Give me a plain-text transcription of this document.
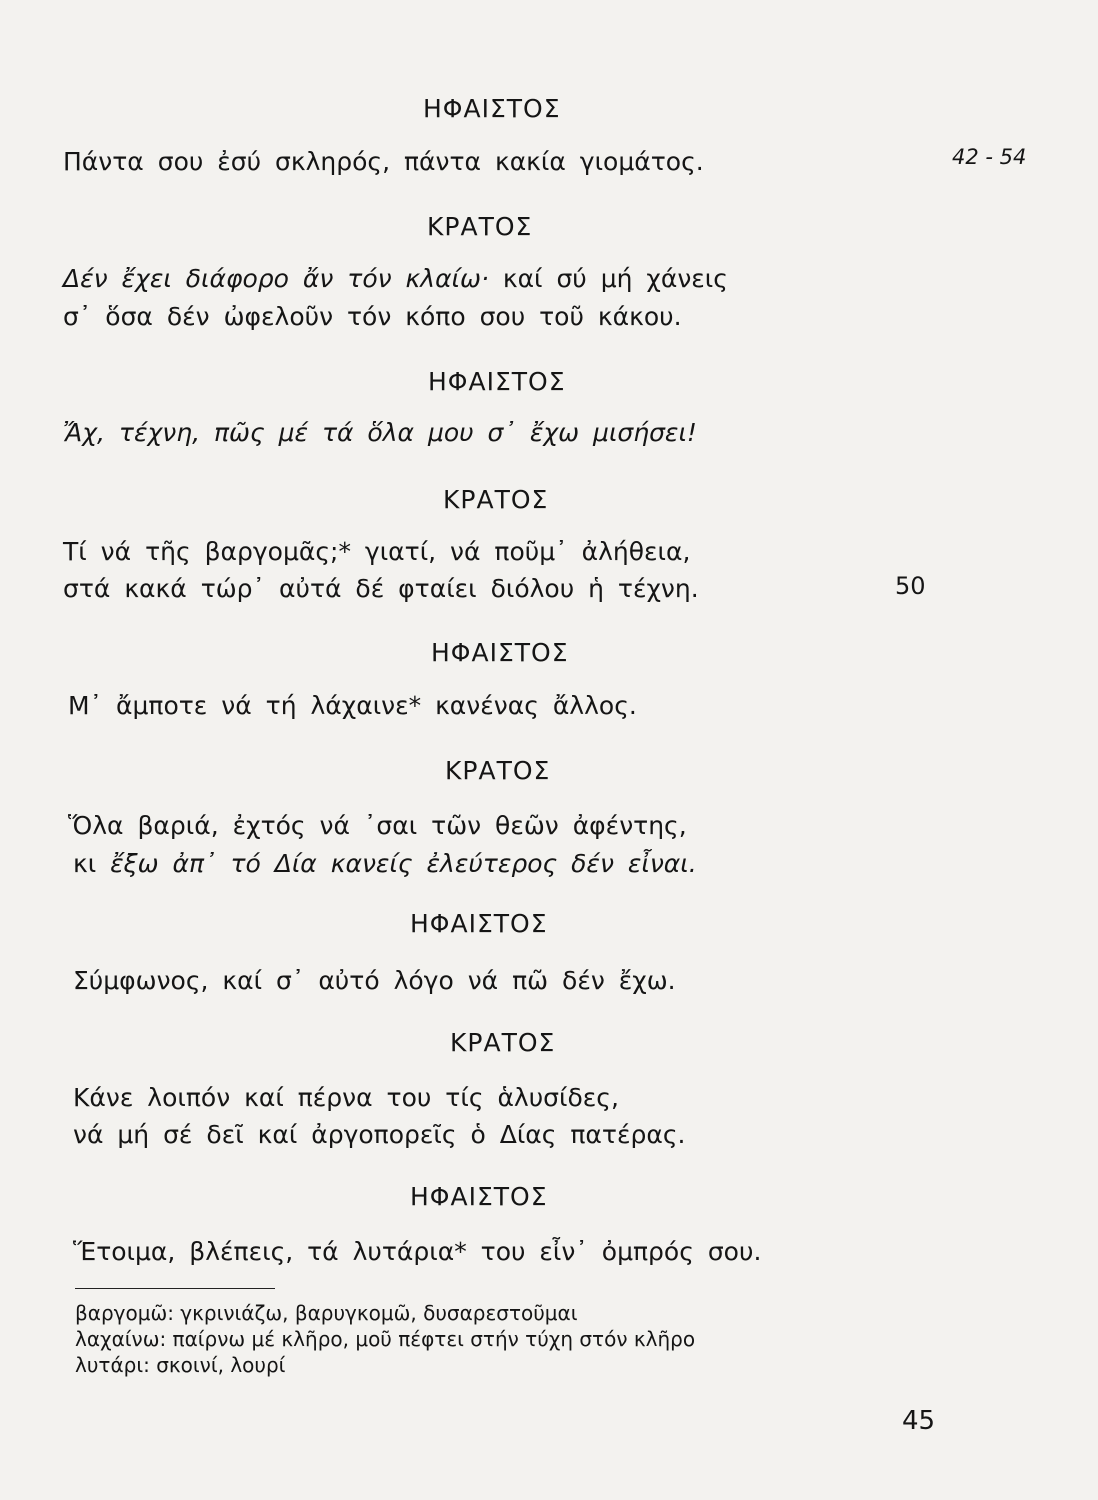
ΗΦΑΙΣΤΟΣ
Πάντα σου ἐσύ σκληρός, πάντα κακία γιομάτος.	42 - 54
ΚΡΑΤΟΣ
Δέν ἔχει διάφορο ἄν τόν κλαίω· καί σύ μή χάνεις
σ᾽ ὅσα δέν ὠφελοῦν τόν κόπο σου τοῦ κάκου.
ΗΦΑΙΣΤΟΣ
Ἄχ, τέχνη, πῶς μέ τά ὅλα μου σ᾽ ἔχω μισήσει!
ΚΡΑΤΟΣ
Τί νά τῆς βαργομᾶς;* γιατί, νά ποῦμ᾽ ἀλήθεια,
στά κακά τώρ᾽ αὐτά δέ φταίει διόλου ἡ τέχνη.	50
ΗΦΑΙΣΤΟΣ
Μ᾽ ἄμποτε νά τή λάχαινε* κανένας ἄλλος.
ΚΡΑΤΟΣ
Ὅλα βαριά, ἐχτός νά ᾽σαι τῶν θεῶν ἀφέντης,
κι ἔξω ἀπ᾽ τό Δία κανείς ἐλεύτερος δέν εἶναι.
ΗΦΑΙΣΤΟΣ
Σύμφωνος, καί σ᾽ αὐτό λόγο νά πῶ δέν ἔχω.
ΚΡΑΤΟΣ
Κάνε λοιπόν καί πέρνα του τίς ἁλυσίδες,
νά μή σέ δεῖ καί ἀργοπορεῖς ὁ Δίας πατέρας.
ΗΦΑΙΣΤΟΣ
Ἕτοιμα, βλέπεις, τά λυτάρια* του εἶν᾽ ὀμπρός σου.
βαργομῶ: γκρινιάζω, βαρυγκομῶ, δυσαρεστοῦμαι
λαχαίνω: παίρνω μέ κλῆρο, μοῦ πέφτει στήν τύχη στόν κλῆρο
λυτάρι: σκοινί, λουρί
45
